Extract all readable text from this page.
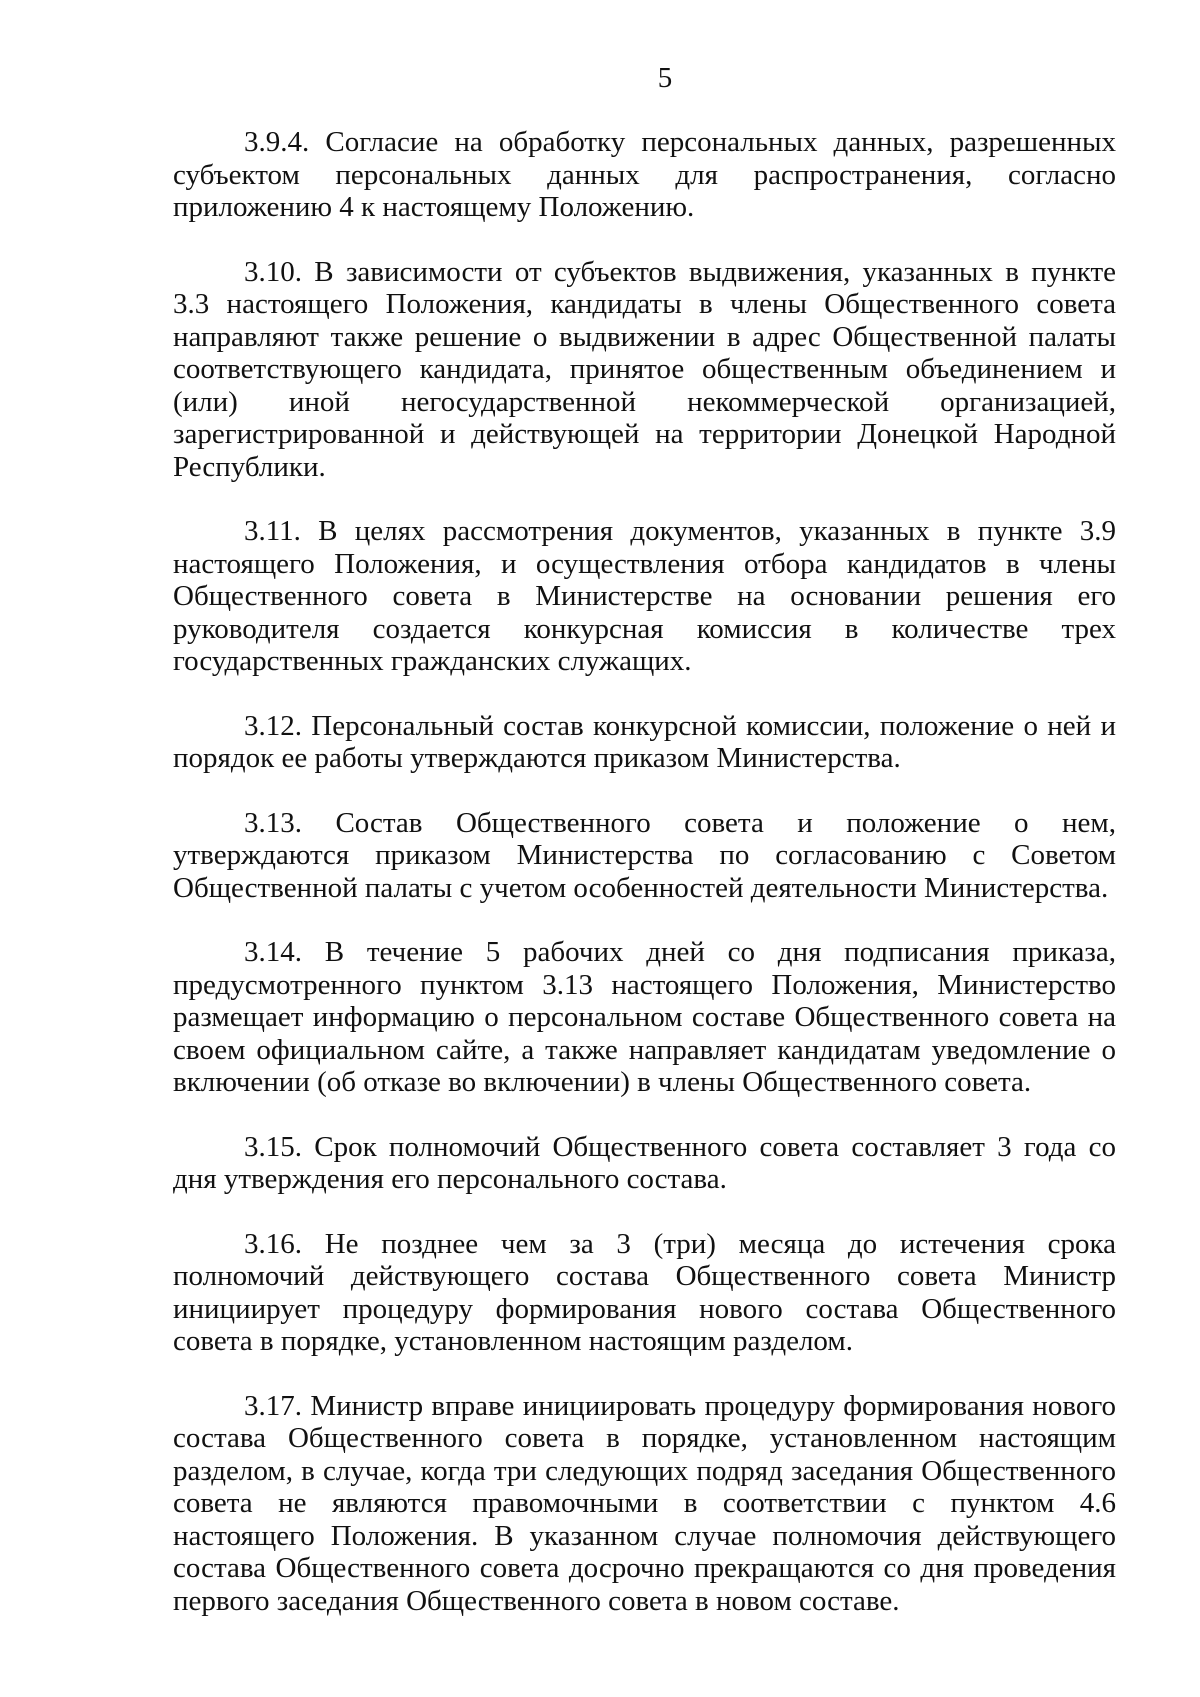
5

3.9.4. Согласие на обработку персональных данных, разрешенных субъектом персональных данных для распространения, согласно приложению 4 к настоящему Положению.

3.10. В зависимости от субъектов выдвижения, указанных в пункте 3.3 настоящего Положения, кандидаты в члены Общественного совета направляют также решение о выдвижении в адрес Общественной палаты соответствующего кандидата, принятое общественным объединением и (или) иной негосударственной некоммерческой организацией, зарегистрированной и действующей на территории Донецкой Народной Республики.

3.11. В целях рассмотрения документов, указанных в пункте 3.9 настоящего Положения, и осуществления отбора кандидатов в члены Общественного совета в Министерстве на основании решения его руководителя создается конкурсная комиссия в количестве трех государственных гражданских служащих.

3.12. Персональный состав конкурсной комиссии, положение о ней и порядок ее работы утверждаются приказом Министерства.

3.13. Состав Общественного совета и положение о нем, утверждаются приказом Министерства по согласованию с Советом Общественной палаты с учетом особенностей деятельности Министерства.

3.14. В течение 5 рабочих дней со дня подписания приказа, предусмотренного пунктом 3.13 настоящего Положения, Министерство размещает информацию о персональном составе Общественного совета на своем официальном сайте, а также направляет кандидатам уведомление о включении (об отказе во включении) в члены Общественного совета.

3.15. Срок полномочий Общественного совета составляет 3 года со дня утверждения его персонального состава.

3.16. Не позднее чем за 3 (три) месяца до истечения срока полномочий действующего состава Общественного совета Министр инициирует процедуру формирования нового состава Общественного совета в порядке, установленном настоящим разделом.

3.17. Министр вправе инициировать процедуру формирования нового состава Общественного совета в порядке, установленном настоящим разделом, в случае, когда три следующих подряд заседания Общественного совета не являются правомочными в соответствии с пунктом 4.6 настоящего Положения. В указанном случае полномочия действующего состава Общественного совета досрочно прекращаются со дня проведения первого заседания Общественного совета в новом составе.
